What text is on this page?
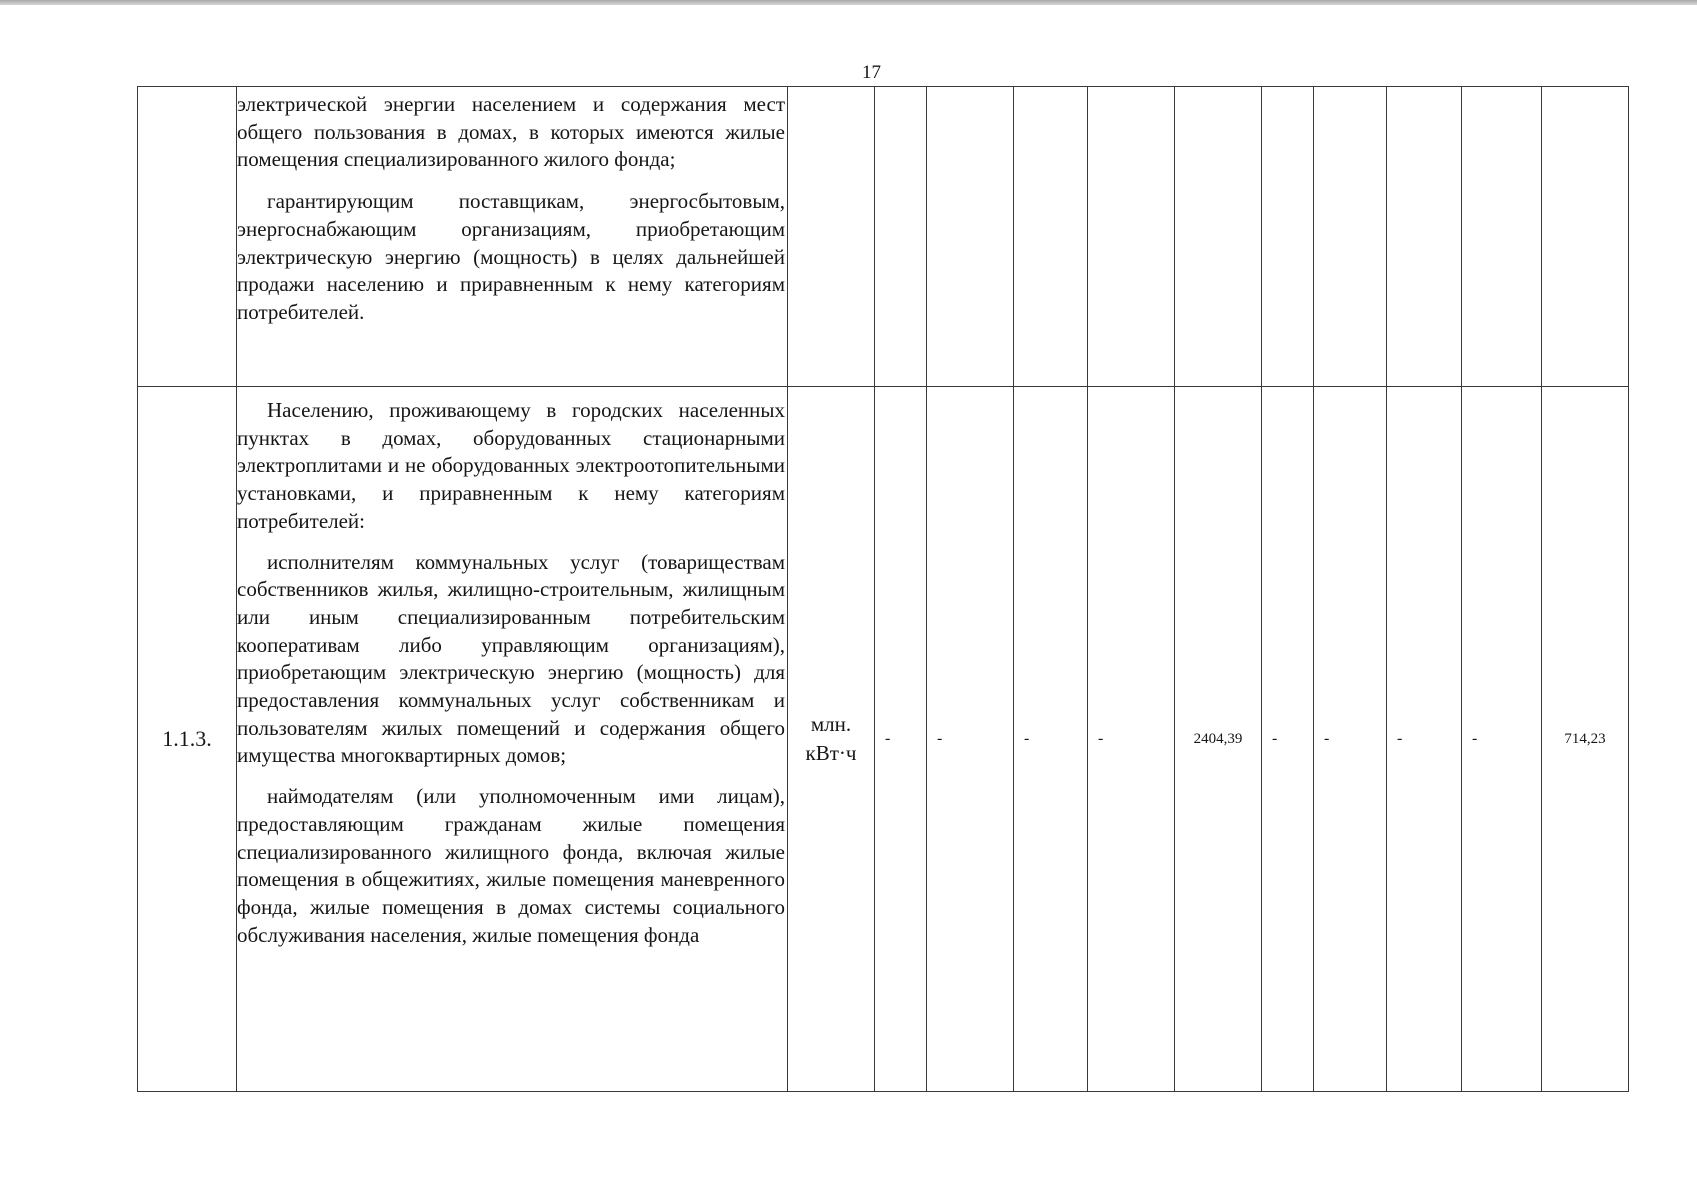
17

	электрической энергии населением и содержания мест общего пользования в домах, в которых имеются жилые помещения специализированного жилого фонда;

гарантирующим поставщикам, энергосбытовым, энергоснабжающим организациям, приобретающим электрическую энергию (мощность) в целях дальнейшей продажи населению и приравненным к нему категориям потребителей.											

1.1.3.	Населению, проживающему в городских населенных пунктах в домах, оборудованных стационарными электроплитами и не оборудованных электроотопительными установками, и приравненным к нему категориям потребителей:

исполнителям коммунальных услуг (товариществам собственников жилья, жилищно-строительным, жилищным или иным специализированным потребительским кооперативам либо управляющим организациям), приобретающим электрическую энергию (мощность) для предоставления коммунальных услуг собственникам и пользователям жилых помещений и содержания общего имущества многоквартирных домов;

наймодателям (или уполномоченным ими лицам), предоставляющим гражданам жилые помещения специализированного жилищного фонда, включая жилые помещения в общежитиях, жилые помещения маневренного фонда, жилые помещения в домах системы социального обслуживания населения, жилые помещения фонда	млн. кВт·ч	-	-	-	-	2404,39	-	-	-	-	714,23
